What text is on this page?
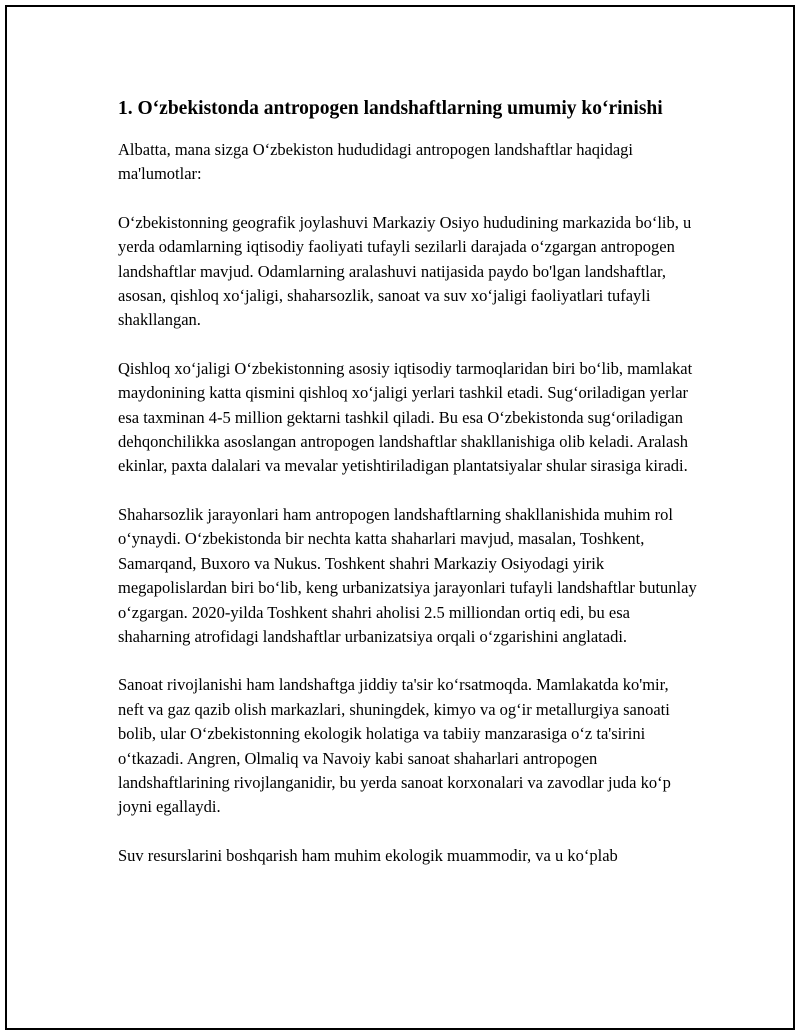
1. O‘zbekistonda antropogen landshaftlarning umumiy ko‘rinishi

Albatta, mana sizga O‘zbekiston hududidagi antropogen landshaftlar haqidagi ma'lumotlar:

O‘zbekistonning geografik joylashuvi Markaziy Osiyo hududining markazida bo‘lib, u yerda odamlarning iqtisodiy faoliyati tufayli sezilarli darajada o‘zgargan antropogen landshaftlar mavjud. Odamlarning aralashuvi natijasida paydo bo'lgan landshaftlar, asosan, qishloq xo‘jaligi, shaharsozlik, sanoat va suv xo‘jaligi faoliyatlari tufayli shakllangan.

Qishloq xo‘jaligi O‘zbekistonning asosiy iqtisodiy tarmoqlaridan biri bo‘lib, mamlakat maydonining katta qismini qishloq xo‘jaligi yerlari tashkil etadi. Sug‘oriladigan yerlar esa taxminan 4-5 million gektarni tashkil qiladi. Bu esa O‘zbekistonda sug‘oriladigan dehqonchilikka asoslangan antropogen landshaftlar shakllanishiga olib keladi. Aralash ekinlar, paxta dalalari va mevalar yetishtiriladigan plantatsiyalar shular sirasiga kiradi.

Shaharsozlik jarayonlari ham antropogen landshaftlarning shakllanishida muhim rol o‘ynaydi. O‘zbekistonda bir nechta katta shaharlari mavjud, masalan, Toshkent, Samarqand, Buxoro va Nukus. Toshkent shahri Markaziy Osiyodagi yirik megapolislardan biri bo‘lib, keng urbanizatsiya jarayonlari tufayli landshaftlar butunlay o‘zgargan. 2020-yilda Toshkent shahri aholisi 2.5 milliondan ortiq edi, bu esa shaharning atrofidagi landshaftlar urbanizatsiya orqali o‘zgarishini anglatadi.

Sanoat rivojlanishi ham landshaftga jiddiy ta'sir ko‘rsatmoqda. Mamlakatda ko'mir, neft va gaz qazib olish markazlari, shuningdek, kimyo va og‘ir metallurgiya sanoati bolib, ular O‘zbekistonning ekologik holatiga va tabiiy manzarasiga o‘z ta'sirini o‘tkazadi. Angren, Olmaliq va Navoiy kabi sanoat shaharlari antropogen landshaftlarining rivojlanganidir, bu yerda sanoat korxonalari va zavodlar juda ko‘p joyni egallaydi.

Suv resurslarini boshqarish ham muhim ekologik muammodir, va u ko‘plab
